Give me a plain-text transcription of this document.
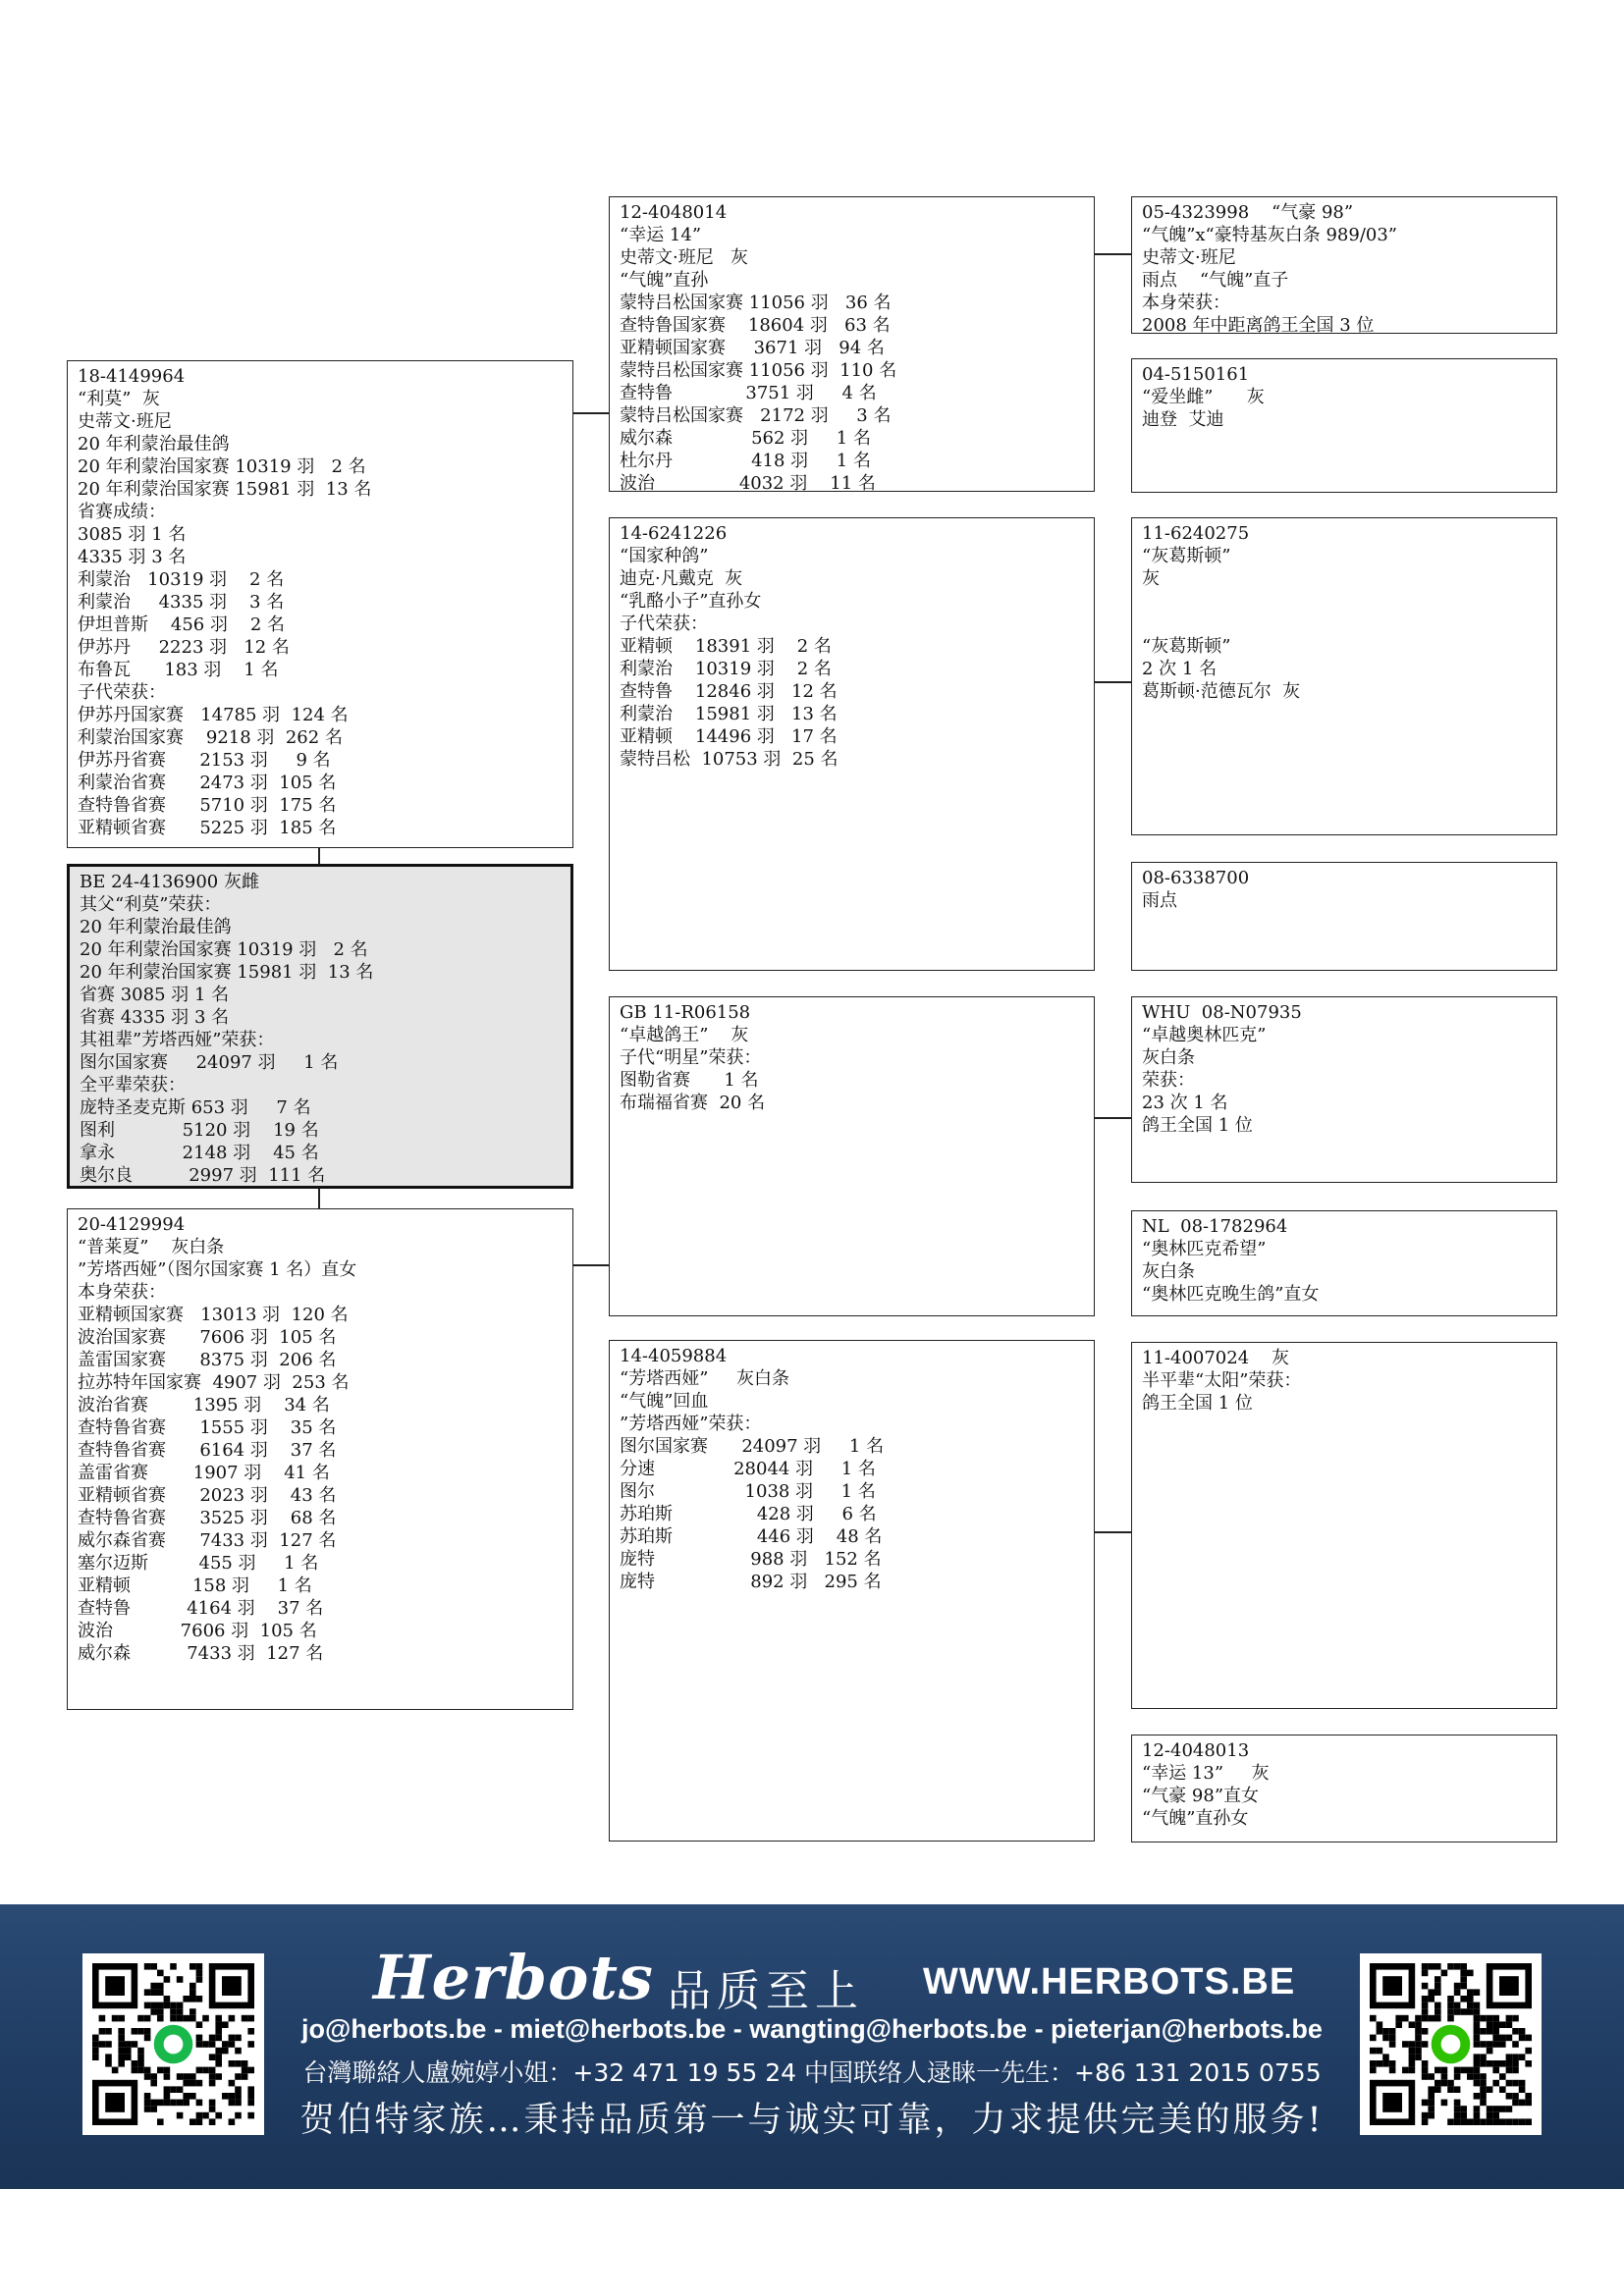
18-4149964
“利莫”  灰
史蒂文·班尼
20 年利蒙治最佳鸽
20 年利蒙治国家赛 10319 羽   2 名
20 年利蒙治国家赛 15981 羽  13 名
省赛成绩：
3085 羽 1 名
4335 羽 3 名
利蒙治   10319 羽    2 名
利蒙治     4335 羽    3 名
伊坦普斯    456 羽    2 名
伊苏丹     2223 羽   12 名
布鲁瓦      183 羽    1 名
子代荣获：
伊苏丹国家赛   14785 羽  124 名
利蒙治国家赛    9218 羽  262 名
伊苏丹省赛      2153 羽     9 名
利蒙治省赛      2473 羽  105 名
查特鲁省赛      5710 羽  175 名
亚精顿省赛      5225 羽  185 名
BE 24-4136900 灰雌
其父“利莫”荣获：
20 年利蒙治最佳鸽
20 年利蒙治国家赛 10319 羽   2 名
20 年利蒙治国家赛 15981 羽  13 名
省赛 3085 羽 1 名
省赛 4335 羽 3 名
其祖辈”芳塔西娅”荣获：
图尔国家赛     24097 羽     1 名
全平辈荣获：
庞特圣麦克斯 653 羽     7 名
图利            5120 羽    19 名
拿永            2148 羽    45 名
奥尔良          2997 羽  111 名
20-4129994
“普莱夏”    灰白条
”芳塔西娅”（图尔国家赛 1 名）直女
本身荣获：
亚精顿国家赛   13013 羽  120 名
波治国家赛      7606 羽  105 名
盖雷国家赛      8375 羽  206 名
拉苏特年国家赛  4907 羽  253 名
波治省赛        1395 羽    34 名
查特鲁省赛      1555 羽    35 名
查特鲁省赛      6164 羽    37 名
盖雷省赛        1907 羽    41 名
亚精顿省赛      2023 羽    43 名
查特鲁省赛      3525 羽    68 名
威尔森省赛      7433 羽  127 名
塞尔迈斯         455 羽     1 名
亚精顿           158 羽     1 名
查特鲁          4164 羽    37 名
波治            7606 羽  105 名
威尔森          7433 羽  127 名
12-4048014
“幸运 14”
史蒂文·班尼   灰
“气魄”直孙
蒙特吕松国家赛 11056 羽   36 名
查特鲁国家赛    18604 羽   63 名
亚精顿国家赛     3671 羽   94 名
蒙特吕松国家赛 11056 羽  110 名
查特鲁             3751 羽     4 名
蒙特吕松国家赛   2172 羽     3 名
威尔森              562 羽     1 名
杜尔丹              418 羽     1 名
波治               4032 羽    11 名
14-6241226
“国家种鸽”
迪克·凡戴克  灰
“乳酪小子”直孙女
子代荣获：
亚精顿    18391 羽    2 名
利蒙治    10319 羽    2 名
查特鲁    12846 羽   12 名
利蒙治    15981 羽   13 名
亚精顿    14496 羽   17 名
蒙特吕松  10753 羽  25 名
GB 11-R06158
“卓越鸽王”    灰
子代“明星”荣获：
图勒省赛      1 名
布瑞福省赛  20 名
14-4059884
“芳塔西娅”     灰白条
“气魄”回血
”芳塔西娅”荣获：
图尔国家赛      24097 羽     1 名
分速              28044 羽     1 名
图尔                1038 羽     1 名
苏珀斯               428 羽     6 名
苏珀斯               446 羽    48 名
庞特                 988 羽   152 名
庞特                 892 羽   295 名
05-4323998    “气豪 98”
“气魄”x“豪特基灰白条 989/03”
史蒂文·班尼
雨点    “气魄”直子
本身荣获：
2008 年中距离鸽王全国 3 位
04-5150161
“爱坐雌”      灰
迪登  艾迪
11-6240275
“灰葛斯顿”
灰

“灰葛斯顿”
2 次 1 名
葛斯顿·范德瓦尔  灰
08-6338700
雨点
WHU  08-N07935
“卓越奥林匹克”
灰白条
荣获：
23 次 1 名
鸽王全国 1 位
NL  08-1782964
“奥林匹克希望”
灰白条
“奥林匹克晚生鸽”直女
11-4007024    灰
半平辈“太阳”荣获：
鸽王全国 1 位
12-4048013
“幸运 13”     灰
“气豪 98”直女
“气魄”直孙女
Herbots 品质至上 WWW.HERBOTS.BE
jo@herbots.be - miet@herbots.be - wangting@herbots.be - pieterjan@herbots.be
台灣聯絡人盧婉婷小姐：+32 471 19 55 24 中国联络人逯睐一先生：+86 131 2015 0755
贺伯特家族…秉持品质第一与诚实可靠，力求提供完美的服务!
